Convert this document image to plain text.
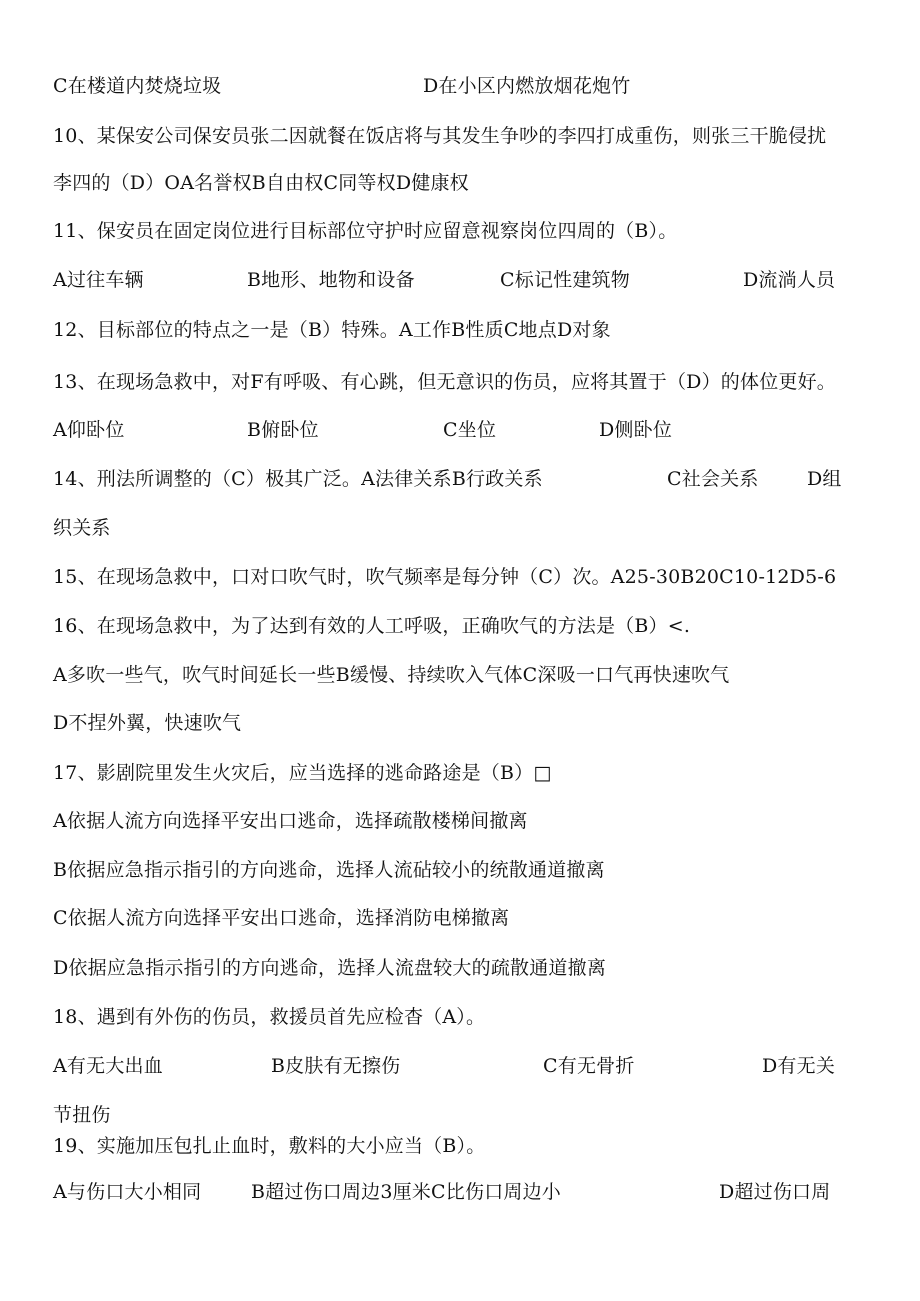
C在楼道内焚烧垃圾	D在小区内燃放烟花炮竹
10、某保安公司保安员张二因就餐在饭店将与其发生争吵的李四打成重伤，则张三干脆侵扰
李四的（D）OA名誉权B自由权C同等权D健康权
11、保安员在固定岗位进行目标部位守护时应留意视察岗位四周的（B）。
A过往车辆	B地形、地物和设备	C标记性建筑物	D流淌人员
12、目标部位的特点之一是（B）特殊。A工作B性质C地点D对象
13、在现场急救中，对F有呼吸、有心跳，但无意识的伤员，应将其置于（D）的体位更好。
A仰卧位	B俯卧位	C坐位	D侧卧位
14、刑法所调整的（C）极其广泛。A法律关系B行政关系	C社会关系	D组
织关系
15、在现场急救中，口对口吹气时，吹气频率是每分钟（C）次。A25-30B20C10-12D5-6
16、在现场急救中，为了达到有效的人工呼吸，正确吹气的方法是（B）<.
A多吹一些气，吹气时间延长一些B缓慢、持续吹入气体C深吸一口气再快速吹气
D不捏外翼，快速吹气
17、影剧院里发生火灾后，应当选择的逃命路途是（B）□
A依据人流方向选择平安出口逃命，选择疏散楼梯间撤离
B依据应急指示指引的方向逃命，选择人流砧较小的统散通道撤离
C依据人流方向选择平安出口逃命，选择消防电梯撤离
D依据应急指示指引的方向逃命，选择人流盘较大的疏散通道撤离
18、遇到有外伤的伤员，救援员首先应检杳（A）。
A有无大出血	B皮肤有无擦伤	C有无骨折	D有无关
节扭伤
19、实施加压包扎止血时，敷料的大小应当（B）。
A与伤口大小相同	B超过伤口周边3厘米C比伤口周边小	D超过伤口周
